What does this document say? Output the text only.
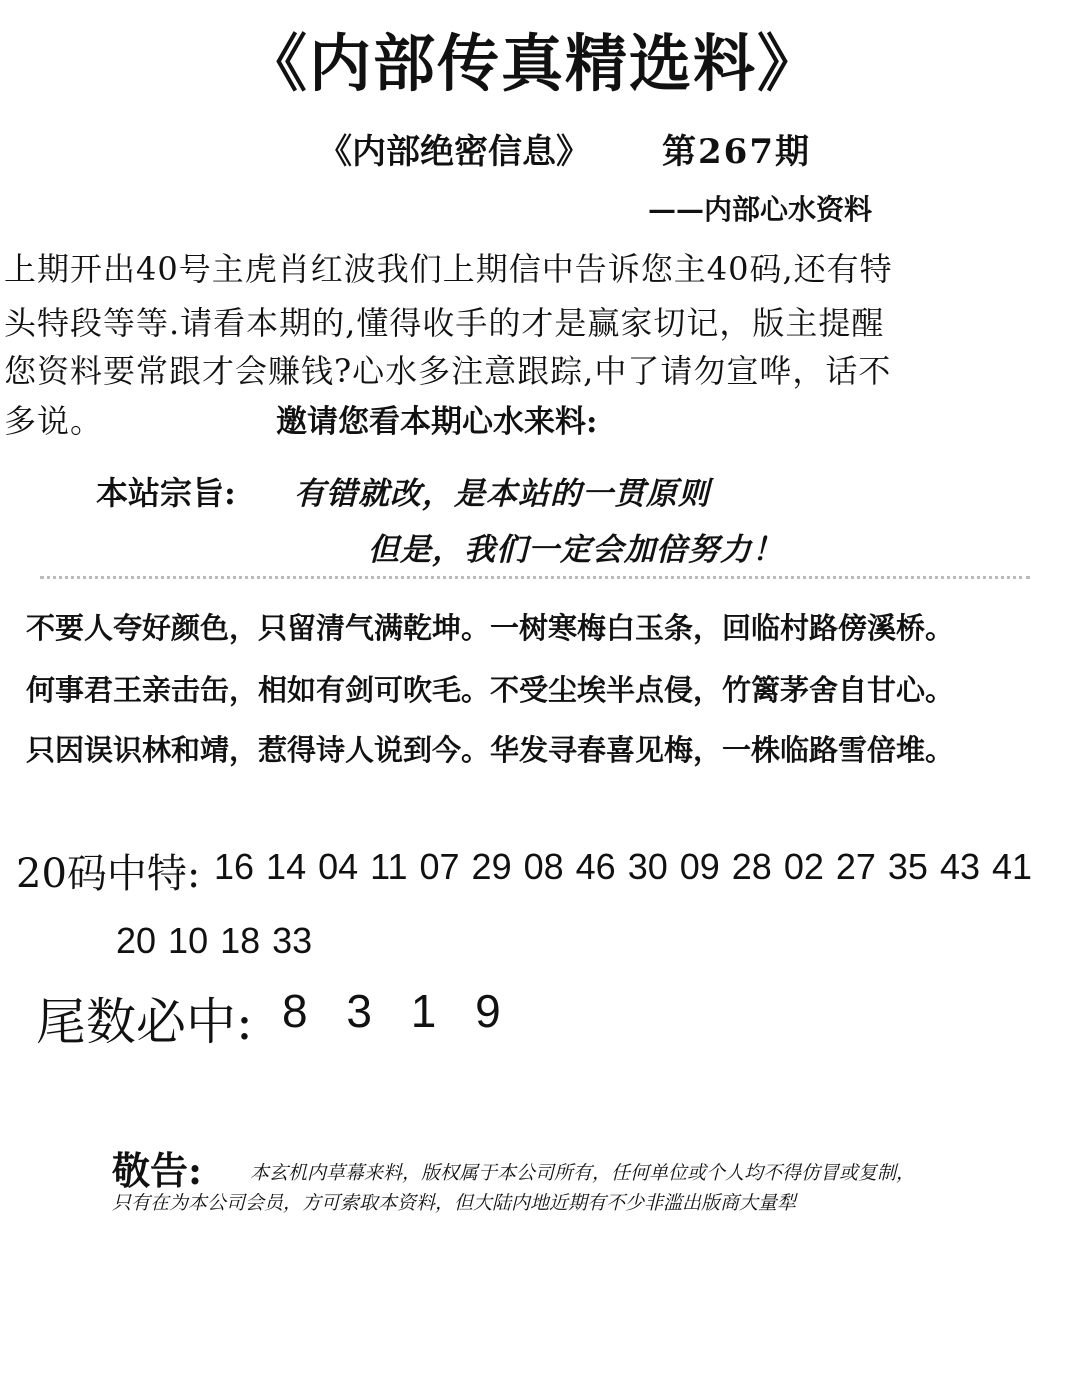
《内部传真精选料》
《内部绝密信息》 第267期
——内部心水资料
上期开出40号主虎肖红波我们上期信中告诉您主40码,还有特
头特段等等.请看本期的,懂得收手的才是赢家切记，版主提醒
您资料要常跟才会赚钱?心水多注意跟踪,中了请勿宣哗，话不
多说。	邀请您看本期心水来料:
本站宗旨: 有错就改，是本站的一贯原则
但是，我们一定会加倍努力！
不要人夸好颜色，只留清气满乾坤。一树寒梅白玉条，回临村路傍溪桥。
何事君王亲击缶，相如有剑可吹毛。不受尘埃半点侵，竹篱茅舍自甘心。
只因误识林和靖，惹得诗人说到今。华发寻春喜见梅，一株临路雪倍堆。
20码中特: 16 14 04 11 07 29 08 46 30 09 28 02 27 35 43 41
20 10 18 33
尾数必中: 8 3 1 9
敬告:	本玄机内草幕来料，版权属于本公司所有，任何单位或个人均不得仿冒或复制，
只有在为本公司会员，方可索取本资料，但大陆内地近期有不少非滥出版商大量犁
